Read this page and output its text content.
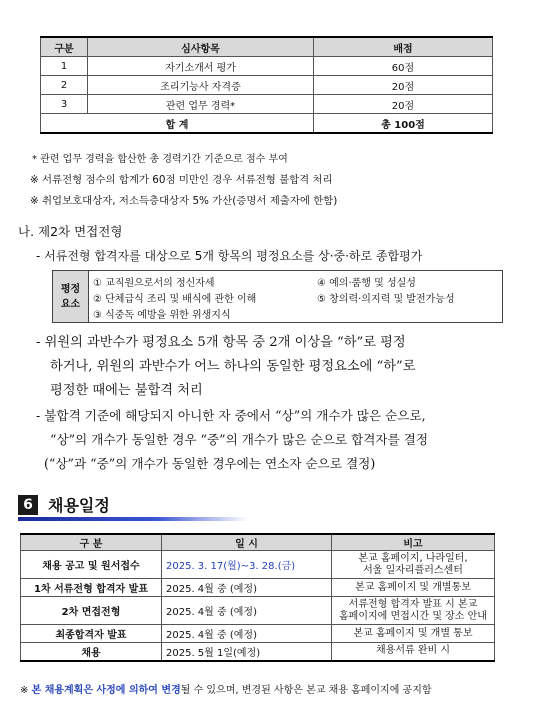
구분	심사항목	배점
1	자기소개서 평가	60점
2	조리기능사 자격증	20점
3	관련 업무 경력*	20점
합 계		총 100점
* 관련 업무 경력을 합산한 총 경력기간 기준으로 점수 부여
※ 서류전형 점수의 합계가 60점 미만인 경우 서류전형 불합격 처리
※ 취업보호대상자, 저소득층대상자 5% 가산(증명서 제출자에 한함)
나. 제2차 면접전형
- 서류전형 합격자를 대상으로 5개 항목의 평정요소를 상·중·하로 종합평가
평정
요소
① 교직원으로서의 정신자세
② 단체급식 조리 및 배식에 관한 이해
③ 식중독 예방을 위한 위생지식
④ 예의·품행 및 성실성
⑤ 창의력·의지력 및 발전가능성
- 위원의 과반수가 평정요소 5개 항목 중 2개 이상을 “하”로 평정
하거나, 위원의 과반수가 어느 하나의 동일한 평정요소에 “하”로
평정한 때에는 불합격 처리
- 불합격 기준에 해당되지 아니한 자 중에서 “상”의 개수가 많은 순으로,
“상”의 개수가 동일한 경우 “중”의 개수가 많은 순으로 합격자를 결정
(“상”과 “중”의 개수가 동일한 경우에는 연소자 순으로 결정)
6 채용일정
구 분	일 시	비고
채용 공고 및 원서접수	2025. 3. 17(월)~3. 28.(금)	본교 홈페이지, 나라일터,
서울 일자리플러스센터

1차 서류전형 합격자 발표	2025. 4월 중 (예정)	본교 홈페이지 및 개별통보
2차 면접전형	2025. 4월 중 (예정)	서류전형 합격자 발표 시 본교
홈페이지에 면접시간 및 장소 안내

최종합격자 발표	2025. 4월 중 (예정)	본교 홈페이지 및 개별 통보
채용	2025. 5월 1일(예정)	채용서류 완비 시
※ 본 채용계획은 사정에 의하여 변경될 수 있으며, 변경된 사항은 본교 채용 홈페이지에 공지함
